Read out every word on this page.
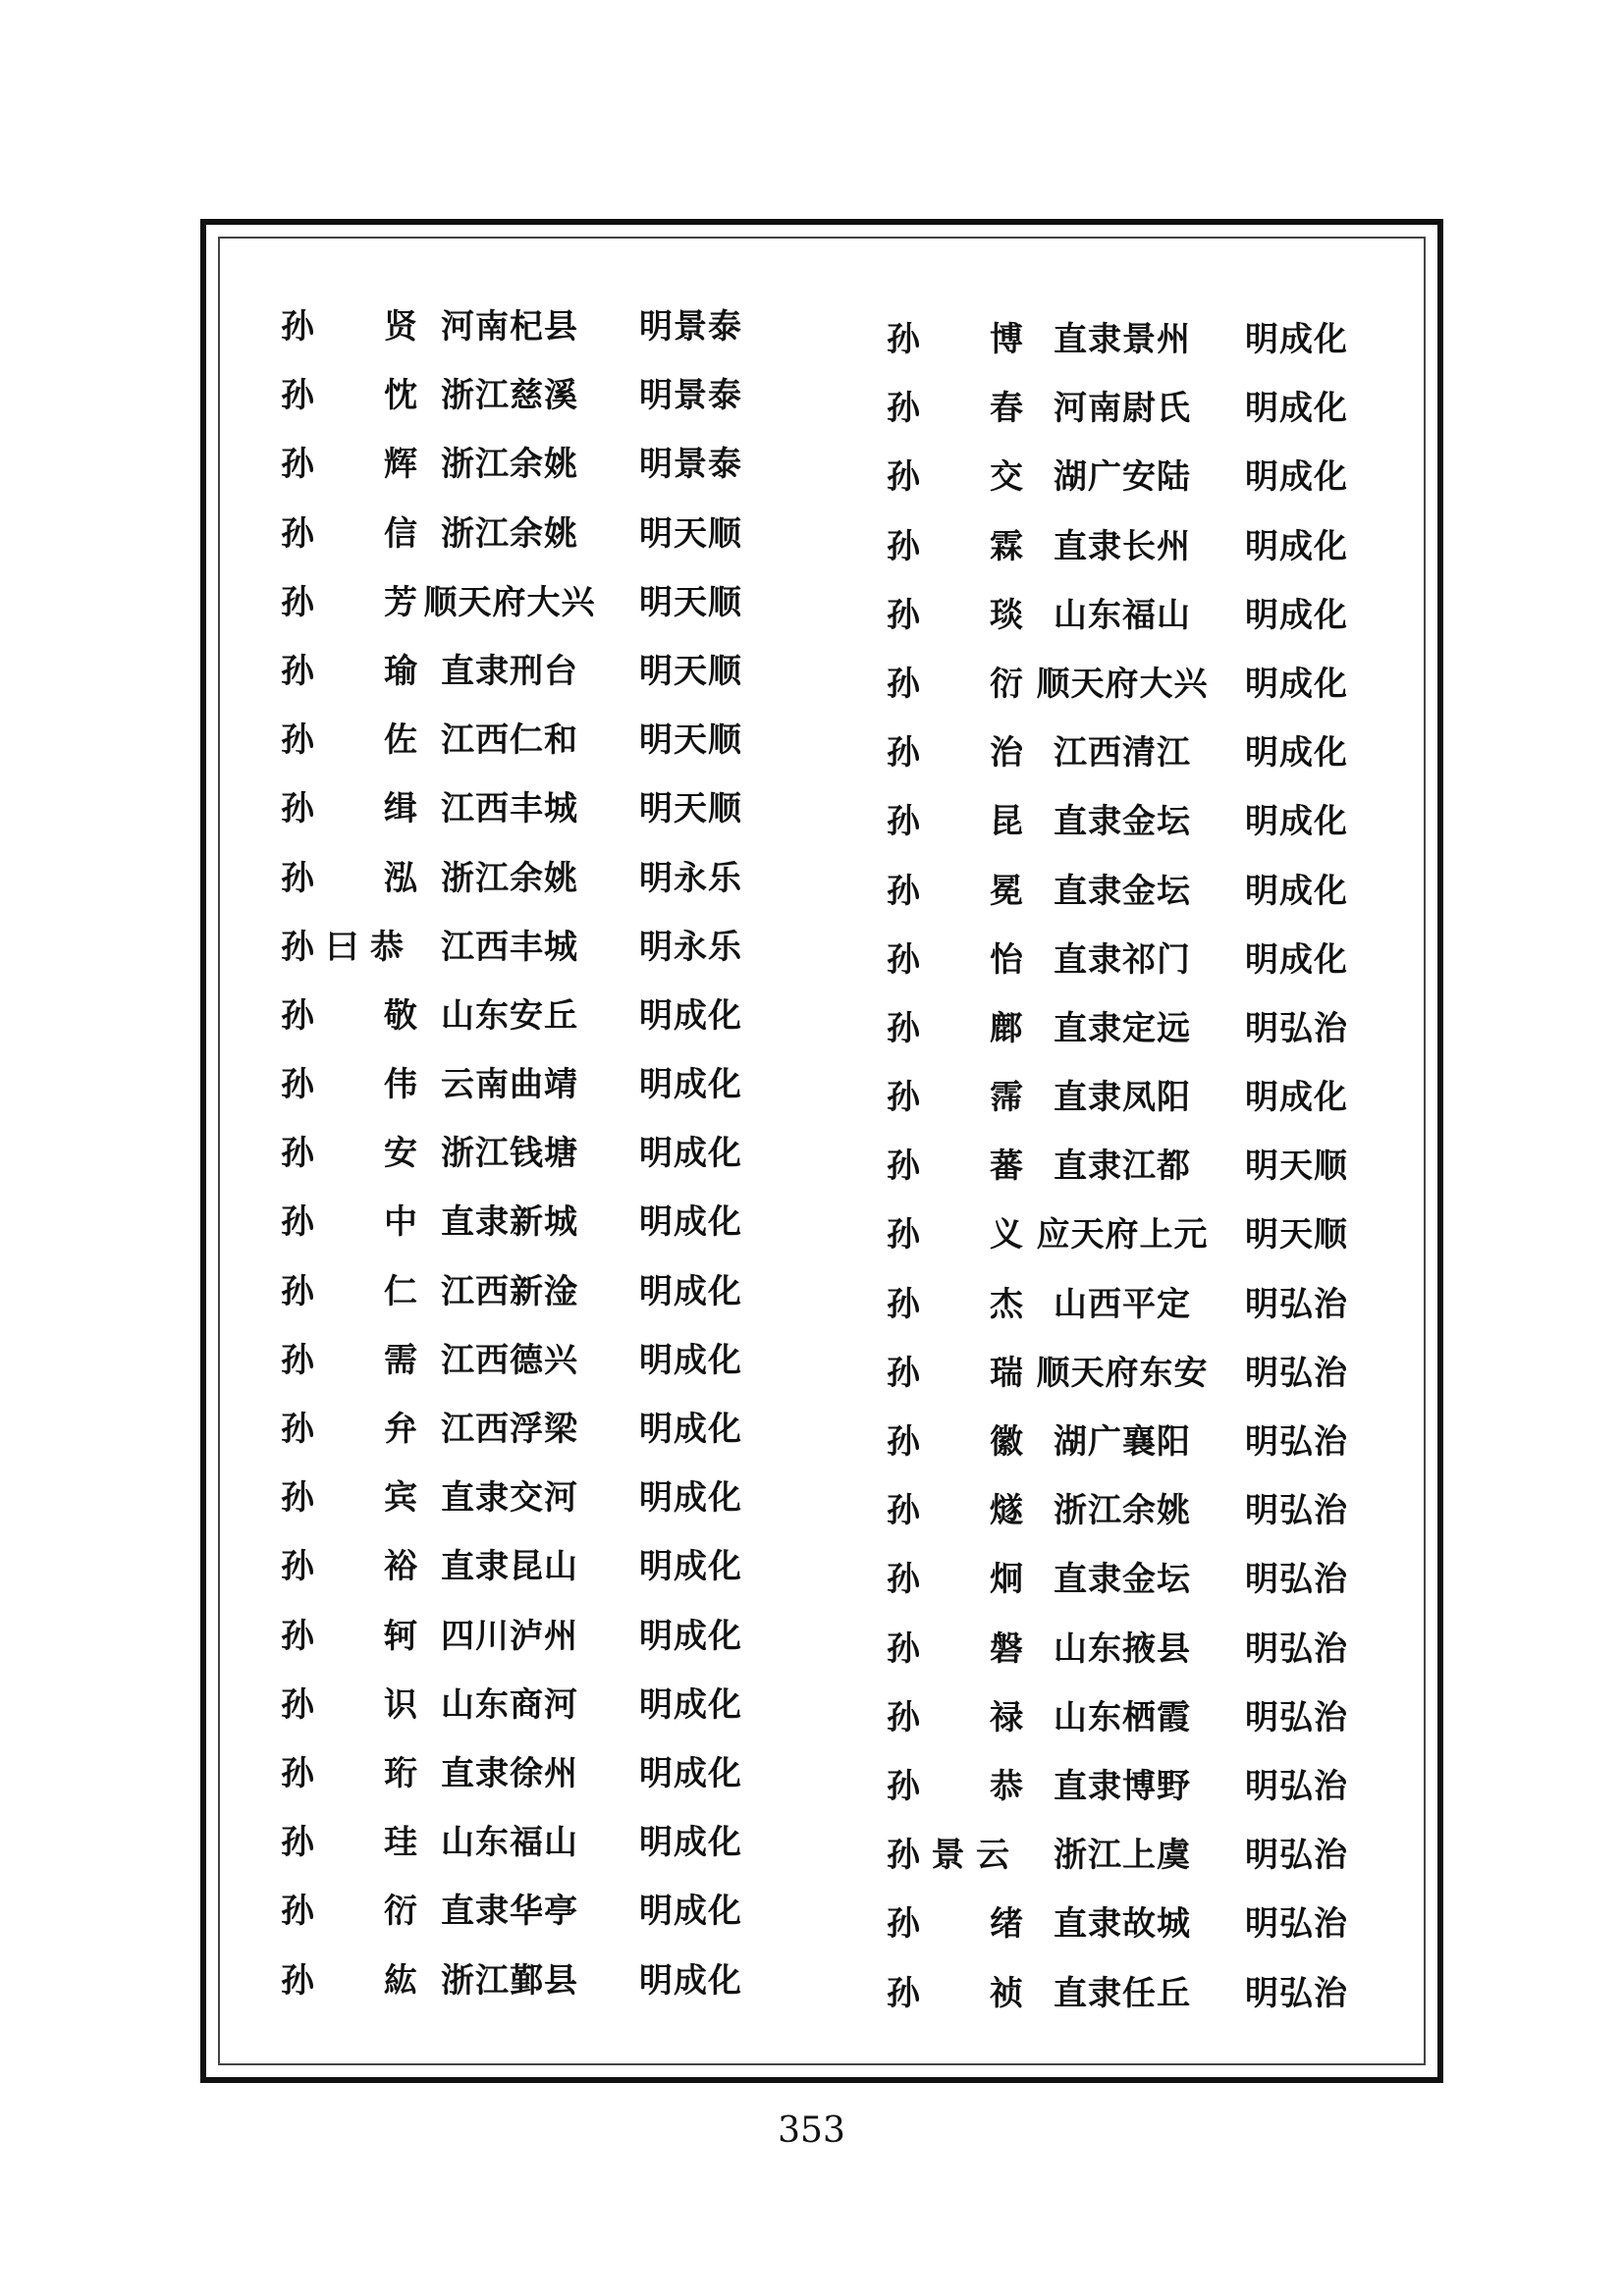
孙　　贤 河南杞县	明景泰
孙　　忱 浙江慈溪	明景泰
孙　　辉 浙江余姚	明景泰
孙　　信 浙江余姚	明天顺
孙　　芳 顺天府大兴 明天顺
孙　　瑜 直隶刑台	明天顺
孙　　佐 江西仁和	明天顺
孙　　缉 江西丰城	明天顺
孙　　泓 浙江余姚	明永乐
孙曰恭	江西丰城	明永乐
孙　　敬 山东安丘	明成化
孙　　伟 云南曲靖	明成化
孙　　安 浙江钱塘	明成化
孙　　中 直隶新城	明成化
孙　　仁 江西新淦	明成化
孙　　需 江西德兴	明成化
孙　　弁 江西浮梁	明成化
孙　　宾 直隶交河	明成化
孙　　裕 直隶昆山	明成化
孙　　轲 四川泸州	明成化
孙　　识 山东商河	明成化
孙　　珩 直隶徐州	明成化
孙　　珪 山东福山	明成化
孙　　衍 直隶华亭	明成化
孙　　紘 浙江鄞县	明成化
孙　　博 直隶景州	明成化
孙　　春 河南尉氏	明成化
孙　　交 湖广安陆	明成化
孙　　霖 直隶长州	明成化
孙　　琰 山东福山	明成化
孙　　衍 顺天府大兴 明成化
孙　　治 江西清江	明成化
孙　　昆 直隶金坛	明成化
孙　　冕 直隶金坛	明成化
孙　　怡 直隶祁门	明成化
孙　　鄜 直隶定远	明弘治
孙　　霈 直隶凤阳	明成化
孙　　蕃 直隶江都	明天顺
孙　　义 应天府上元 明天顺
孙　　杰 山西平定	明弘治
孙　　瑞 顺天府东安 明弘治
孙　　徽 湖广襄阳	明弘治
孙　　燧 浙江余姚	明弘治
孙　　炯 直隶金坛	明弘治
孙　　磐 山东掖县	明弘治
孙　　禄 山东栖霞	明弘治
孙　　恭 直隶博野	明弘治
孙景云	浙江上虞	明弘治
孙　　绪 直隶故城	明弘治
孙　　祯 直隶任丘	明弘治
353
